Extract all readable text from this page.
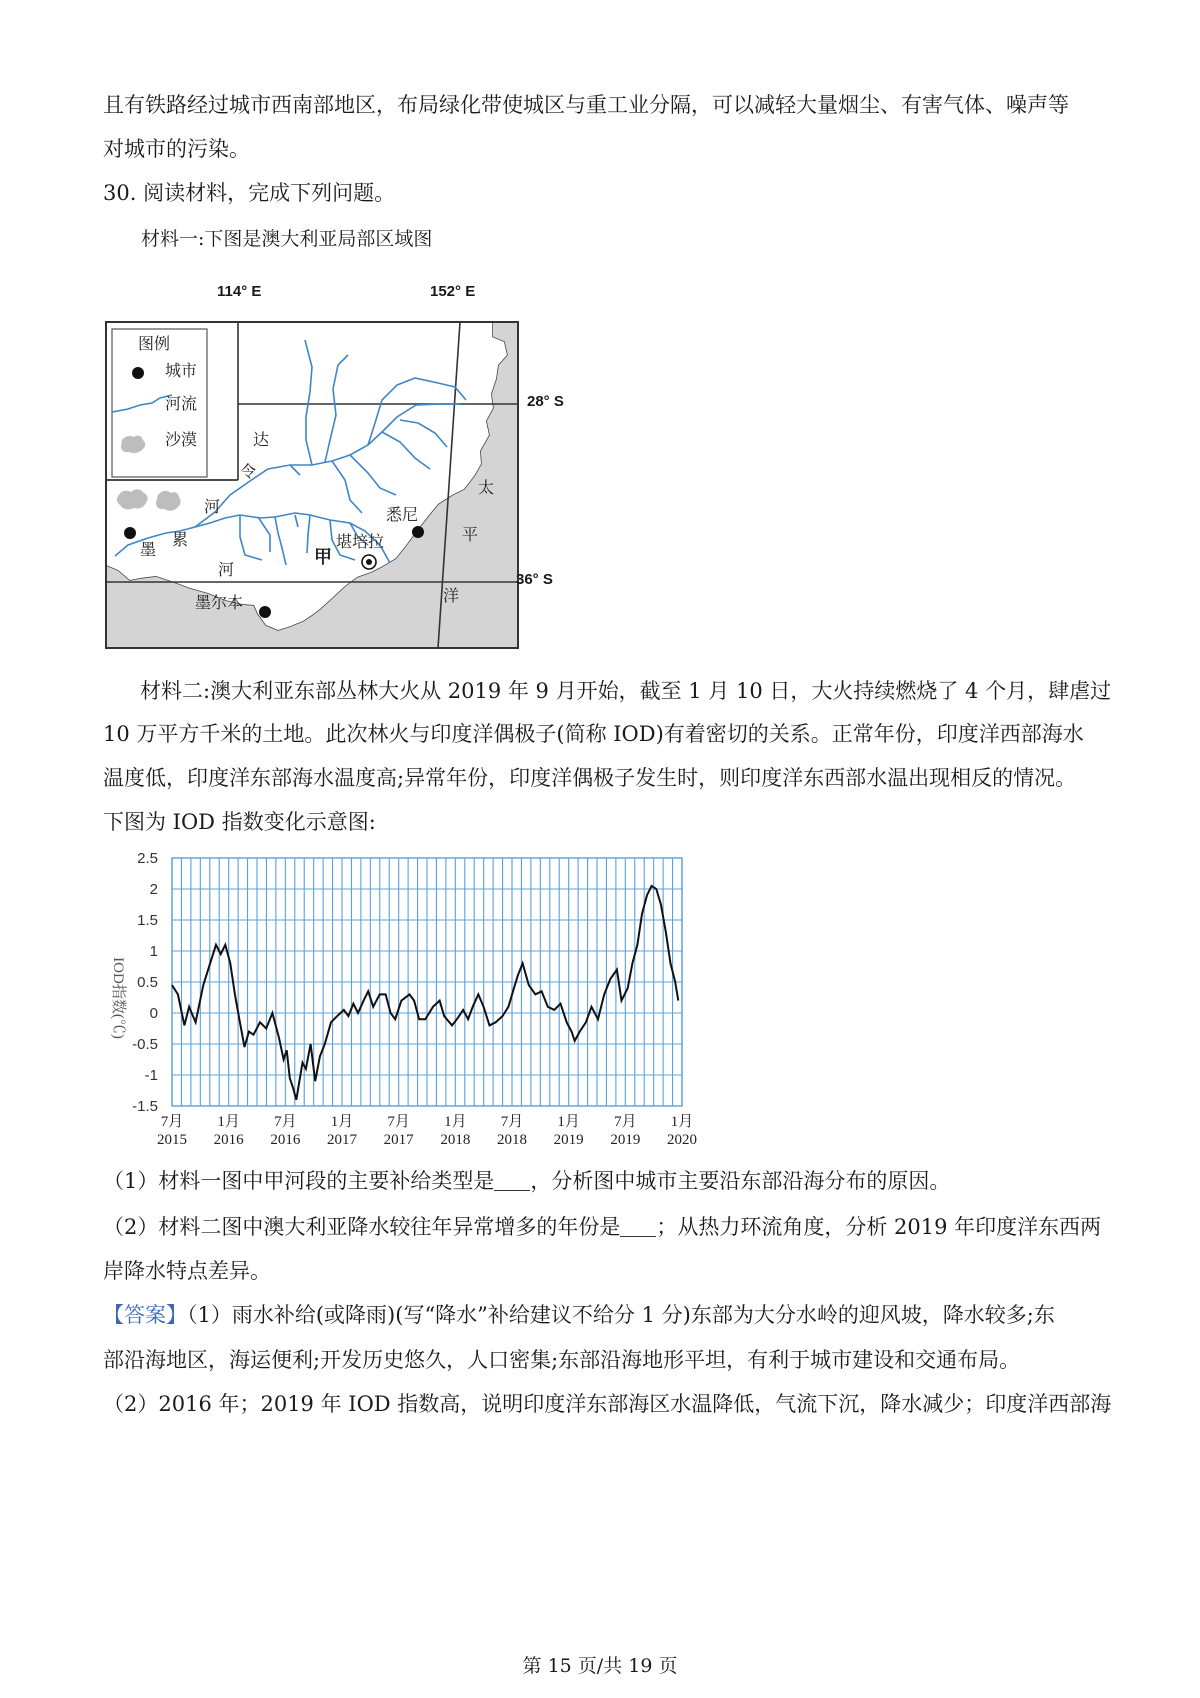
且有铁路经过城市西南部地区，布局绿化带使城区与重工业分隔，可以减轻大量烟尘、有害气体、噪声等
对城市的污染。
30. 阅读材料，完成下列问题。
材料一:下图是澳大利亚局部区域图
图例
城市
河流
沙漠	达
令
河
墨
累
河
甲
悉尼
堪培拉
墨尔本
太
平
洋
114° E	152° E
28° S
36° S
材料二:澳大利亚东部丛林大火从 2019 年 9 月开始，截至 1 月 10 日，大火持续燃烧了 4 个月，肆虐过
10 万平方千米的土地。此次林火与印度洋偶极子(简称 IOD)有着密切的关系。正常年份，印度洋西部海水
温度低，印度洋东部海水温度高;异常年份，印度洋偶极子发生时，则印度洋东西部水温出现相反的情况。
下图为 IOD 指数变化示意图:
2.5
2
1.5
1
0.5
0
-0.5
-1
-1.5
7月
2015
1月
2016
7月
2016
1月
2017
7月
2017
1月
2018
7月
2018
1月
2019
7月
2019
1月
2020
IOD指数(℃)
（1）材料一图中甲河段的主要补给类型是 ，分析图中城市主要沿东部沿海分布的原因。
（2）材料二图中澳大利亚降水较往年异常增多的年份是 ；从热力环流角度，分析 2019 年印度洋东西两
岸降水特点差异。
【答案】（1）雨水补给(或降雨)(写“降水”补给建议不给分 1 分)东部为大分水岭的迎风坡，降水较多;东
部沿海地区，海运便利;开发历史悠久，人口密集;东部沿海地形平坦，有利于城市建设和交通布局。
（2）2016 年；2019 年 IOD 指数高，说明印度洋东部海区水温降低，气流下沉，降水减少；印度洋西部海
第 15 页/共 19 页
